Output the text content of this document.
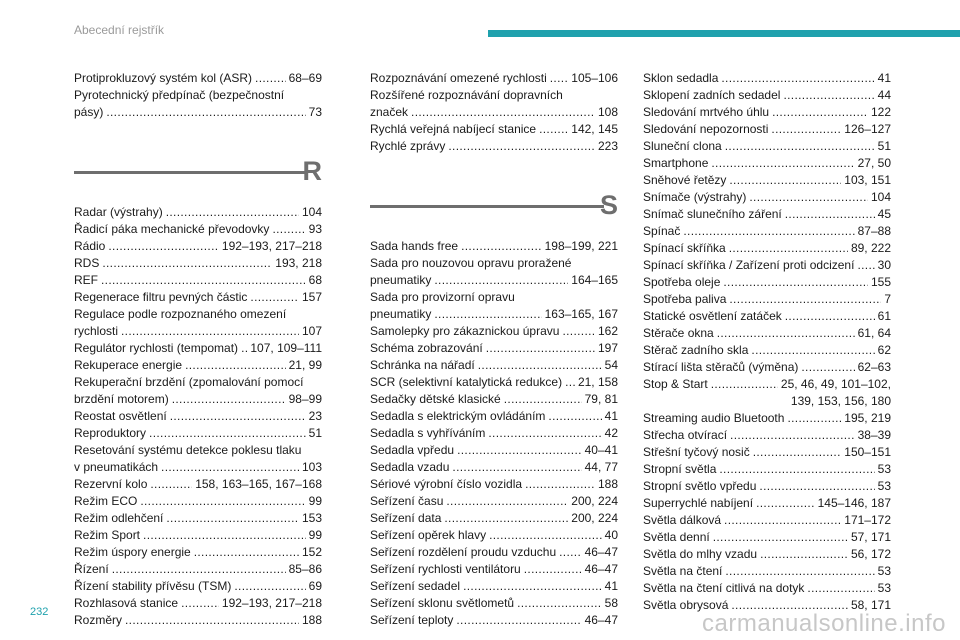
Abecední rejstřík
Protiprokluzový systém kol (ASR) . . .	68–69
Pyrotechnický předpínač (bezpečnostní
pásy) . . .	73
R
Radar (výstrahy) . . .	104
Řadicí páka mechanické převodovky . . .	93
Rádio . . .	192–193, 217–218
RDS . . .	193, 218
REF . . .	68
Regenerace filtru pevných částic . . .	157
Regulace podle rozpoznaného omezení
rychlosti . . .	107
Regulátor rychlosti (tempomat) . . . 107, 109–111
Rekuperace energie . . .	21, 99
Rekuperační brzdění (zpomalování pomocí
brzdění motorem) . . .	98–99
Reostat osvětlení . . .	23
Reproduktory . . .	51
Resetování systému detekce poklesu tlaku
v pneumatikách . . .	103
Rezervní kolo . . .	158, 163–165, 167–168
Režim ECO . . .	99
Režim odlehčení . . .	153
Režim Sport . . .	99
Režim úspory energie . . .	152
Řízení . . .	85–86
Řízení stability přívěsu (TSM) . . .	69
Rozhlasová stanice . . .	192–193, 217–218
Rozměry . . .	188
Rozpoznávání omezené rychlosti . . . 105–106
Rozšířené rozpoznávání dopravních
značek . . .	108
Rychlá veřejná nabíjecí stanice . . .	142, 145
Rychlé zprávy . . .	223
S
Sada hands free . . .	198–199, 221
Sada pro nouzovou opravu proražené
pneumatiky . . .	164–165
Sada pro provizorní opravu
pneumatiky . . .	163–165, 167
Samolepky pro zákaznickou úpravu . . .	162
Schéma zobrazování . . .	197
Schránka na nářadí . . .	54
SCR (selektivní katalytická redukce) . . . 21, 158
Sedačky dětské klasické . . .	79, 81
Sedadla s elektrickým ovládáním . . .	41
Sedadla s vyhříváním . . .	42
Sedadla vpředu . . .	40–41
Sedadla vzadu . . .	44, 77
Sériové výrobní číslo vozidla . . .	188
Seřízení času . . .	200, 224
Seřízení data . . .	200, 224
Seřízení opěrek hlavy . . .	40
Seřízení rozdělení proudu vzduchu . . . 46–47
Seřízení rychlosti ventilátoru . . .	46–47
Seřízení sedadel . . .	41
Seřízení sklonu světlometů . . .	58
Seřízení teploty . . .	46–47
Sklon sedadla . . .	41
Sklopení zadních sedadel . . .	44
Sledování mrtvého úhlu . . .	122
Sledování nepozornosti . . .	126–127
Sluneční clona . . .	51
Smartphone . . .	27, 50
Sněhové řetězy . . .	103, 151
Snímače (výstrahy) . . .	104
Snímač slunečního záření . . .	45
Spínač . . .	87–88
Spínací skříňka . . .	89, 222
Spínací skříňka / Zařízení proti odcizení . . . 30
Spotřeba oleje . . .	155
Spotřeba paliva . . .	7
Statické osvětlení zatáček . . .	61
Stěrače okna . . .	61, 64
Stěrač zadního skla . . .	62
Stírací lišta stěračů (výměna) . . .	62–63
Stop & Start . . .	25, 46, 49, 101–102,
139, 153, 156, 180
Streaming audio Bluetooth . . .	195, 219
Střecha otvírací . . .	38–39
Střešní tyčový nosič . . .	150–151
Stropní světla . . .	53
Stropní světlo vpředu . . .	53
Superrychlé nabíjení . . .	145–146, 187
Světla dálková . . .	171–172
Světla denní . . .	57, 171
Světla do mlhy vzadu . . .	56, 172
Světla na čtení . . .	53
Světla na čtení citlivá na dotyk . . .	53
Světla obrysová . . .	58, 171
232	carmanualsonline.info
